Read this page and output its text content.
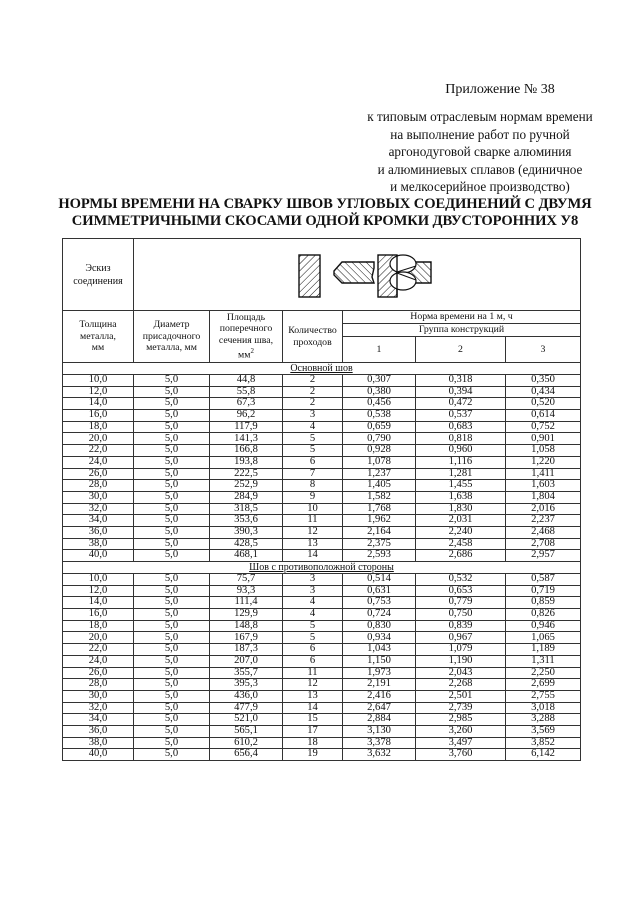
Приложение № 38
к типовым отраслевым нормам времени
на выполнение работ по ручной
аргонодуговой сварке алюминия
и алюминиевых сплавов (единичное
и мелкосерийное производство)
НОРМЫ ВРЕМЕНИ НА СВАРКУ ШВОВ УГЛОВЫХ СОЕДИНЕНИЙ С ДВУМЯ
СИММЕТРИЧНЫМИ СКОСАМИ ОДНОЙ КРОМКИ ДВУСТОРОННИХ У8
Эскиз
соединения

Толщина
металла,
мм

Диаметр
присадочного
металла, мм

Площадь
поперечного
сечения шва,
$мм^2$

Количество
проходов
	Норма времени на 1 м, ч
				Группа конструкций		
				1	2	3
Основной шов						
10,0	5,0	44,8	2	0,307	0,318	0,350
12,0	5,0	55,8	2	0,380	0,394	0,434
14,0	5,0	67,3	2	0,456	0,472	0,520
16,0	5,0	96,2	3	0,538	0,537	0,614
18,0	5,0	117,9	4	0,659	0,683	0,752
20,0	5,0	141,3	5	0,790	0,818	0,901
22,0	5,0	166,8	5	0,928	0,960	1,058
24,0	5,0	193,8	6	1,078	1,116	1,220
26,0	5,0	222,5	7	1,237	1,281	1,411
28,0	5,0	252,9	8	1,405	1,455	1,603
30,0	5,0	284,9	9	1,582	1,638	1,804
32,0	5,0	318,5	10	1,768	1,830	2,016
34,0	5,0	353,6	11	1,962	2,031	2,237
36,0	5,0	390,3	12	2,164	2,240	2,468
38,0	5,0	428,5	13	2,375	2,458	2,708
40,0	5,0	468,1	14	2,593	2,686	2,957
Шов с противоположной стороны						
10,0	5,0	75,7	3	0,514	0,532	0,587
12,0	5,0	93,3	3	0,631	0,653	0,719
14,0	5,0	111,4	4	0,753	0,779	0,859
16,0	5,0	129,9	4	0,724	0,750	0,826
18,0	5,0	148,8	5	0,830	0,839	0,946
20,0	5,0	167,9	5	0,934	0,967	1,065
22,0	5,0	187,3	6	1,043	1,079	1,189
24,0	5,0	207,0	6	1,150	1,190	1,311
26,0	5,0	355,7	11	1,973	2,043	2,250
28,0	5,0	395,3	12	2,191	2,268	2,699
30,0	5,0	436,0	13	2,416	2,501	2,755
32,0	5,0	477,9	14	2,647	2,739	3,018
34,0	5,0	521,0	15	2,884	2,985	3,288
36,0	5,0	565,1	17	3,130	3,260	3,569
38,0	5,0	610,2	18	3,378	3,497	3,852
40,0	5,0	656,4	19	3,632	3,760	6,142
